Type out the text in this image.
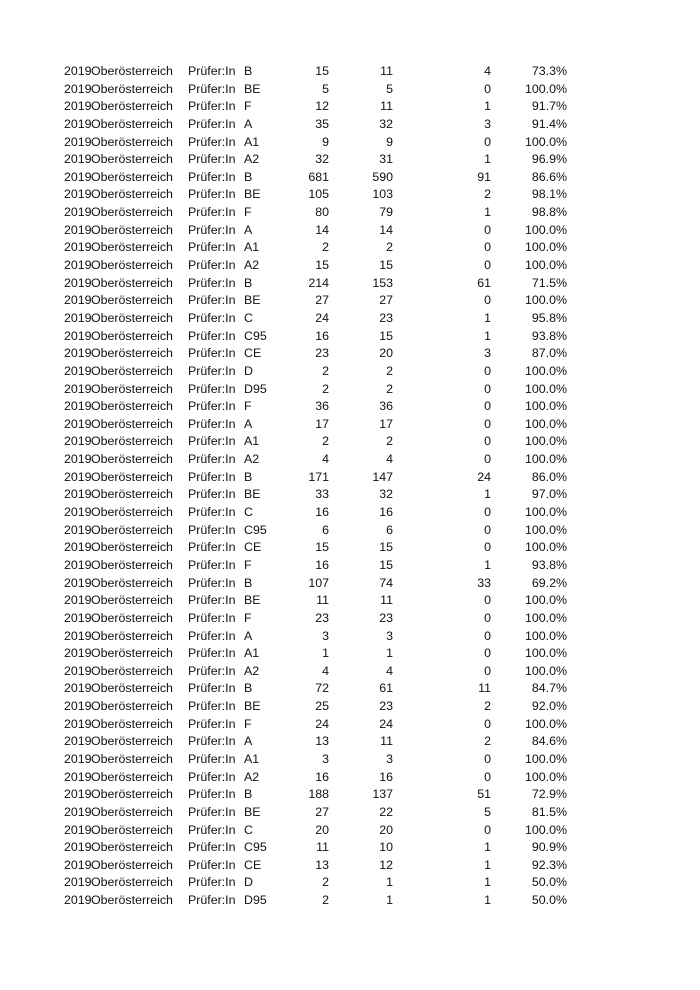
2019 Oberösterreich Prüfer:In B	15	11	4	73.3%
2019 Oberösterreich Prüfer:In BE	5	5	0	100.0%
2019 Oberösterreich Prüfer:In F	12	11	1	91.7%
2019 Oberösterreich Prüfer:In A	35	32	3	91.4%
2019 Oberösterreich Prüfer:In A1	9	9	0	100.0%
2019 Oberösterreich Prüfer:In A2	32	31	1	96.9%
2019 Oberösterreich Prüfer:In B	681	590	91	86.6%
2019 Oberösterreich Prüfer:In BE	105	103	2	98.1%
2019 Oberösterreich Prüfer:In F	80	79	1	98.8%
2019 Oberösterreich Prüfer:In A	14	14	0	100.0%
2019 Oberösterreich Prüfer:In A1	2	2	0	100.0%
2019 Oberösterreich Prüfer:In A2	15	15	0	100.0%
2019 Oberösterreich Prüfer:In B	214	153	61	71.5%
2019 Oberösterreich Prüfer:In BE	27	27	0	100.0%
2019 Oberösterreich Prüfer:In C	24	23	1	95.8%
2019 Oberösterreich Prüfer:In C95	16	15	1	93.8%
2019 Oberösterreich Prüfer:In CE	23	20	3	87.0%
2019 Oberösterreich Prüfer:In D	2	2	0	100.0%
2019 Oberösterreich Prüfer:In D95	2	2	0	100.0%
2019 Oberösterreich Prüfer:In F	36	36	0	100.0%
2019 Oberösterreich Prüfer:In A	17	17	0	100.0%
2019 Oberösterreich Prüfer:In A1	2	2	0	100.0%
2019 Oberösterreich Prüfer:In A2	4	4	0	100.0%
2019 Oberösterreich Prüfer:In B	171	147	24	86.0%
2019 Oberösterreich Prüfer:In BE	33	32	1	97.0%
2019 Oberösterreich Prüfer:In C	16	16	0	100.0%
2019 Oberösterreich Prüfer:In C95	6	6	0	100.0%
2019 Oberösterreich Prüfer:In CE	15	15	0	100.0%
2019 Oberösterreich Prüfer:In F	16	15	1	93.8%
2019 Oberösterreich Prüfer:In B	107	74	33	69.2%
2019 Oberösterreich Prüfer:In BE	11	11	0	100.0%
2019 Oberösterreich Prüfer:In F	23	23	0	100.0%
2019 Oberösterreich Prüfer:In A	3	3	0	100.0%
2019 Oberösterreich Prüfer:In A1	1	1	0	100.0%
2019 Oberösterreich Prüfer:In A2	4	4	0	100.0%
2019 Oberösterreich Prüfer:In B	72	61	11	84.7%
2019 Oberösterreich Prüfer:In BE	25	23	2	92.0%
2019 Oberösterreich Prüfer:In F	24	24	0	100.0%
2019 Oberösterreich Prüfer:In A	13	11	2	84.6%
2019 Oberösterreich Prüfer:In A1	3	3	0	100.0%
2019 Oberösterreich Prüfer:In A2	16	16	0	100.0%
2019 Oberösterreich Prüfer:In B	188	137	51	72.9%
2019 Oberösterreich Prüfer:In BE	27	22	5	81.5%
2019 Oberösterreich Prüfer:In C	20	20	0	100.0%
2019 Oberösterreich Prüfer:In C95	11	10	1	90.9%
2019 Oberösterreich Prüfer:In CE	13	12	1	92.3%
2019 Oberösterreich Prüfer:In D	2	1	1	50.0%
2019 Oberösterreich Prüfer:In D95	2	1	1	50.0%
